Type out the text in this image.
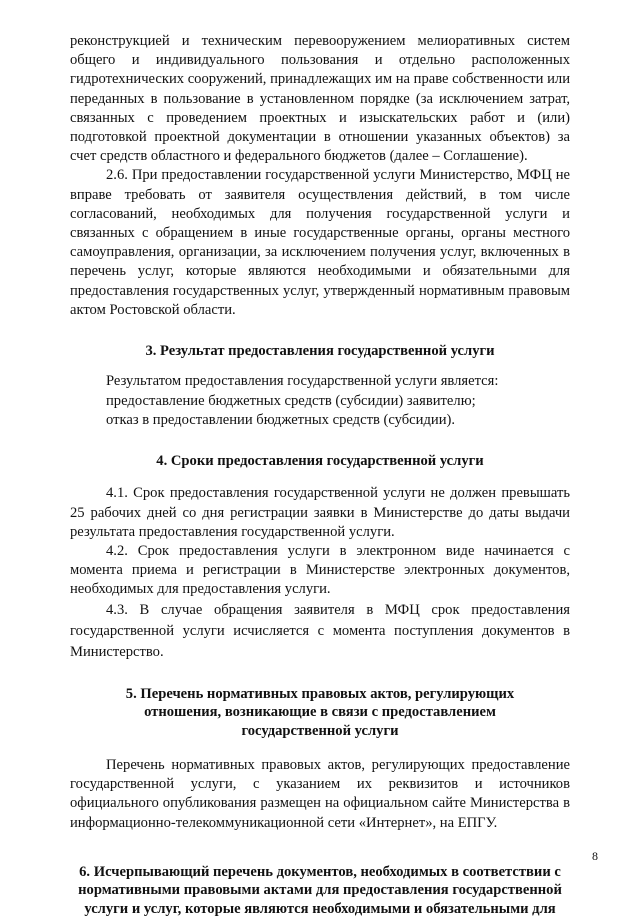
реконструкцией и техническим перевооружением мелиоративных систем общего и индивидуального пользования и отдельно расположенных гидротехнических сооружений, принадлежащих им на праве собственности или переданных в пользование в установленном порядке (за исключением затрат, связанных с проведением проектных и изыскательских работ и (или) подготовкой проектной документации в отношении указанных объектов) за счет средств областного и федерального бюджетов (далее – Соглашение).

2.6. При предоставлении государственной услуги Министерство, МФЦ не вправе требовать от заявителя осуществления действий, в том числе согласований, необходимых для получения государственной услуги и связанных с обращением в иные государственные органы, органы местного самоуправления, организации, за исключением получения услуг, включенных в перечень услуг, которые являются необходимыми и обязательными для предоставления государственных услуг, утвержденный нормативным правовым актом Ростовской области.

3. Результат предоставления государственной услуги

Результатом предоставления государственной услуги является:

предоставление бюджетных средств (субсидии) заявителю;

отказ в предоставлении бюджетных средств (субсидии).

4. Сроки предоставления государственной услуги

4.1. Срок предоставления государственной услуги не должен превышать 25 рабочих дней со дня регистрации заявки в Министерстве до даты выдачи результата предоставления государственной услуги.

4.2. Срок предоставления услуги в электронном виде начинается с момента приема и регистрации в Министерстве электронных документов, необходимых для предоставления услуги.

4.3. В случае обращения заявителя в МФЦ срок предоставления государственной услуги исчисляется с момента поступления документов в Министерство.

5. Перечень нормативных правовых актов, регулирующих отношения, возникающие в связи с предоставлением государственной услуги

Перечень нормативных правовых актов, регулирующих предоставление государственной услуги, с указанием их реквизитов и источников официального опубликования размещен на официальном сайте Министерства в информационно-телекоммуникационной сети «Интернет», на ЕПГУ.

6. Исчерпывающий перечень документов, необходимых в соответствии с нормативными правовыми актами для предоставления государственной услуги и услуг, которые являются необходимыми и обязательными для
8
